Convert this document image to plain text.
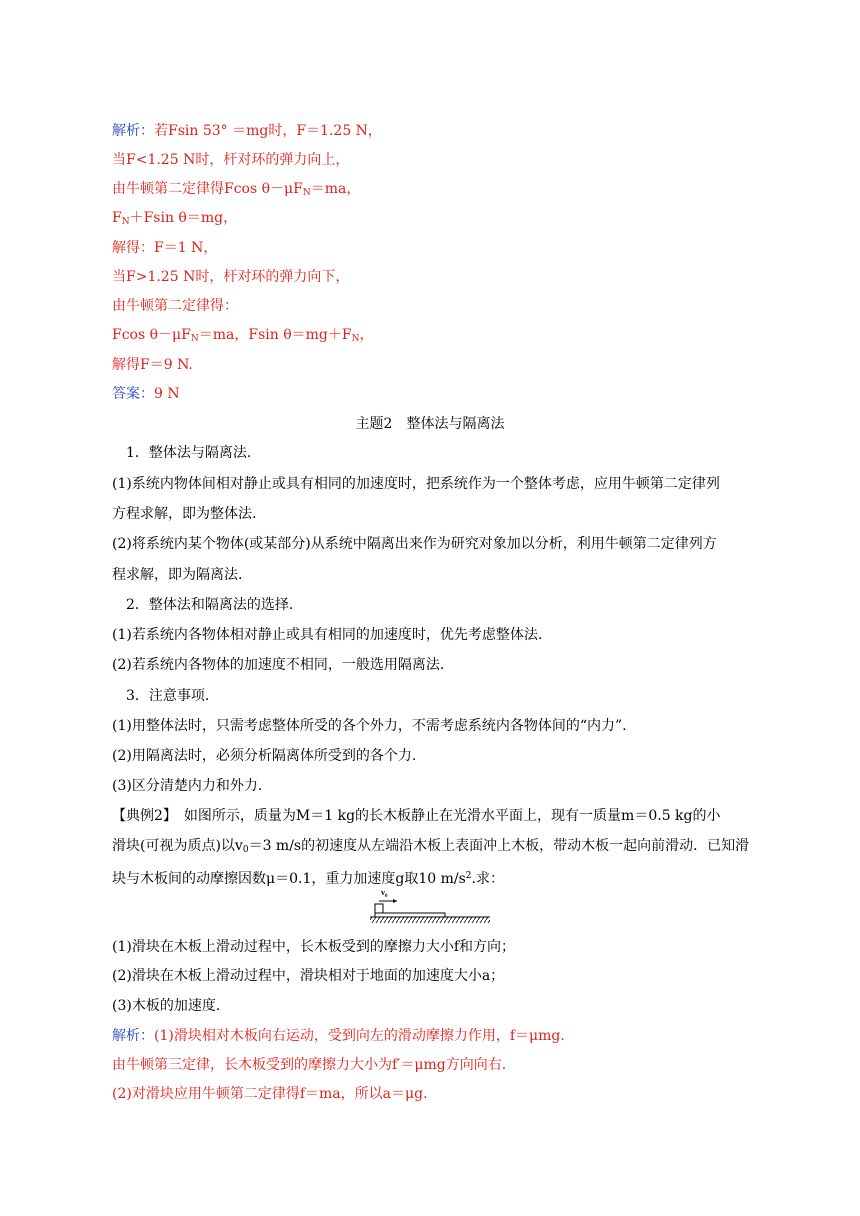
解析：若Fsin 53° ＝mg时，F＝1.25 N，
当F<1.25 N时，杆对环的弹力向上，
由牛顿第二定律得Fcos $\theta-\mu F_N=ma$，
$F_N+Fsin$ θ＝mg，
解得：F＝1 N，
当F>1.25 N时，杆对环的弹力向下，
由牛顿第二定律得：
Fcos $\theta-\mu F_N=ma$，Fsin $\theta=mg+F_N$，
解得F＝9 N.
答案：9 N
主题2　整体法与隔离法
1．整体法与隔离法.
(1)系统内物体间相对静止或具有相同的加速度时，把系统作为一个整体考虑，应用牛顿第二定律列
方程求解，即为整体法.
(2)将系统内某个物体(或某部分)从系统中隔离出来作为研究对象加以分析，利用牛顿第二定律列方
程求解，即为隔离法.
2．整体法和隔离法的选择.
(1)若系统内各物体相对静止或具有相同的加速度时，优先考虑整体法.
(2)若系统内各物体的加速度不相同，一般选用隔离法.
3．注意事项.
(1)用整体法时，只需考虑整体所受的各个外力，不需考虑系统内各物体间的“内力”.
(2)用隔离法时，必须分析隔离体所受到的各个力.
(3)区分清楚内力和外力.
【典例2】　如图所示，质量为M＝1 kg的长木板静止在光滑水平面上，现有一质量m＝0.5 kg的小
滑块(可视为质点)以$v_0=3$ m/s的初速度从左端沿木板上表面冲上木板，带动木板一起向前滑动．已知滑
块与木板间的动摩擦因数μ＝0.1，重力加速度g取10 $m/s^2$.求：
$v_0$
(1)滑块在木板上滑动过程中，长木板受到的摩擦力大小f和方向；
(2)滑块在木板上滑动过程中，滑块相对于地面的加速度大小a；
(3)木板的加速度.
解析：(1)滑块相对木板向右运动，受到向左的滑动摩擦力作用，f＝μmg.
由牛顿第三定律，长木板受到的摩擦力大小为f′＝μmg方向向右.
(2)对滑块应用牛顿第二定律得f＝ma，所以a＝μg.
